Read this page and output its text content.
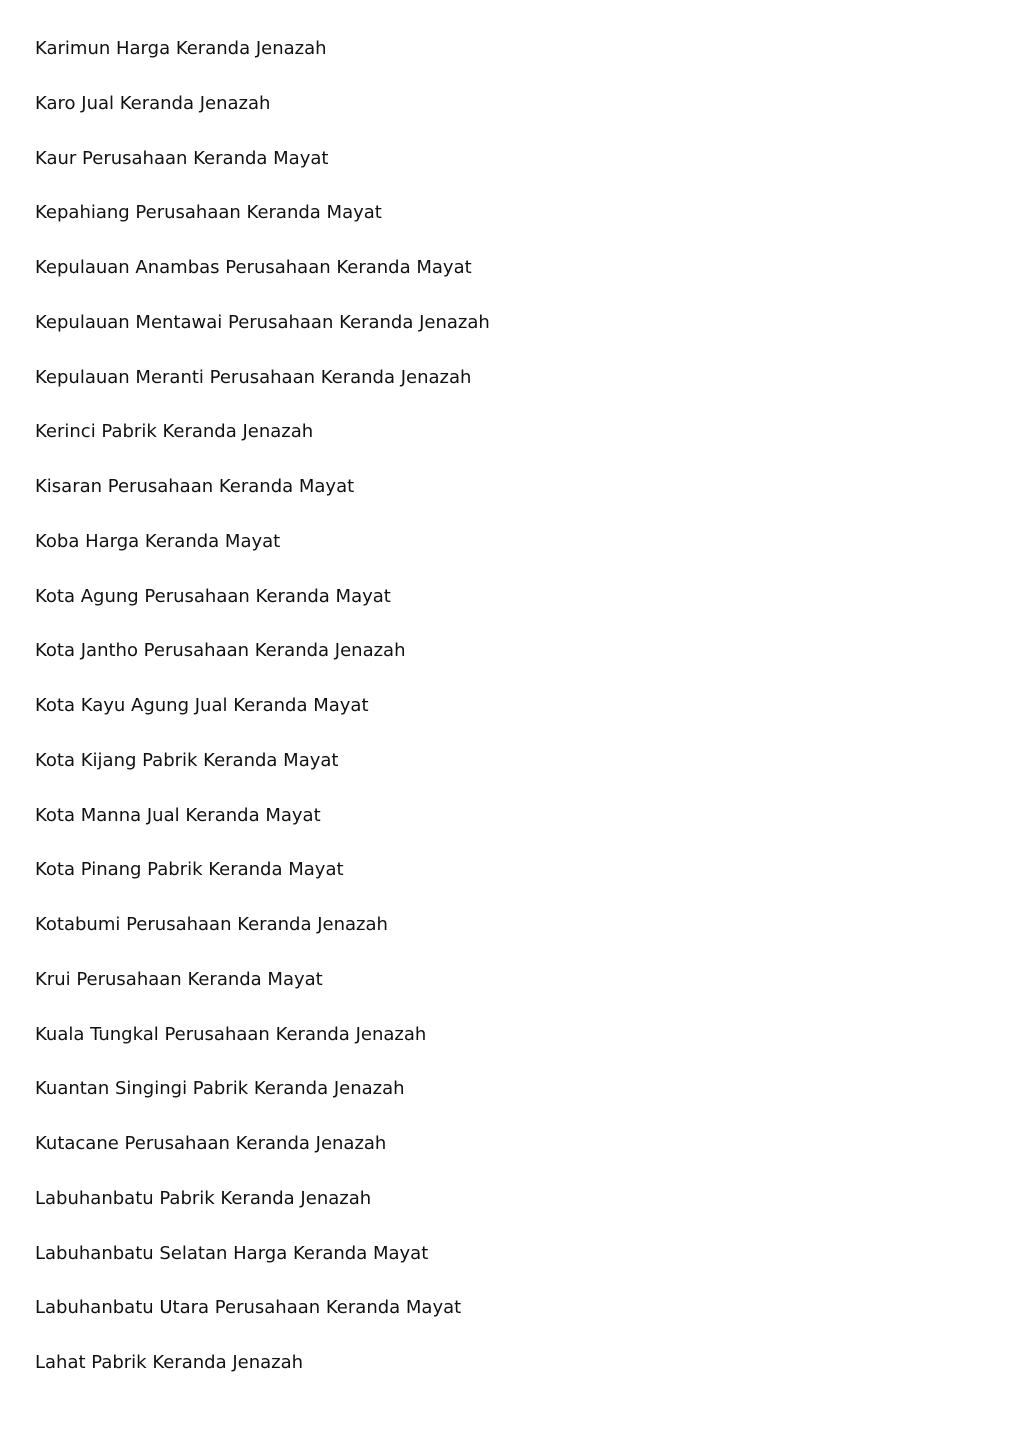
Karimun Harga Keranda Jenazah
Karo Jual Keranda Jenazah
Kaur Perusahaan Keranda Mayat
Kepahiang Perusahaan Keranda Mayat
Kepulauan Anambas Perusahaan Keranda Mayat
Kepulauan Mentawai Perusahaan Keranda Jenazah
Kepulauan Meranti Perusahaan Keranda Jenazah
Kerinci Pabrik Keranda Jenazah
Kisaran Perusahaan Keranda Mayat
Koba Harga Keranda Mayat
Kota Agung Perusahaan Keranda Mayat
Kota Jantho Perusahaan Keranda Jenazah
Kota Kayu Agung Jual Keranda Mayat
Kota Kijang Pabrik Keranda Mayat
Kota Manna Jual Keranda Mayat
Kota Pinang Pabrik Keranda Mayat
Kotabumi Perusahaan Keranda Jenazah
Krui Perusahaan Keranda Mayat
Kuala Tungkal Perusahaan Keranda Jenazah
Kuantan Singingi Pabrik Keranda Jenazah
Kutacane Perusahaan Keranda Jenazah
Labuhanbatu Pabrik Keranda Jenazah
Labuhanbatu Selatan Harga Keranda Mayat
Labuhanbatu Utara Perusahaan Keranda Mayat
Lahat Pabrik Keranda Jenazah
